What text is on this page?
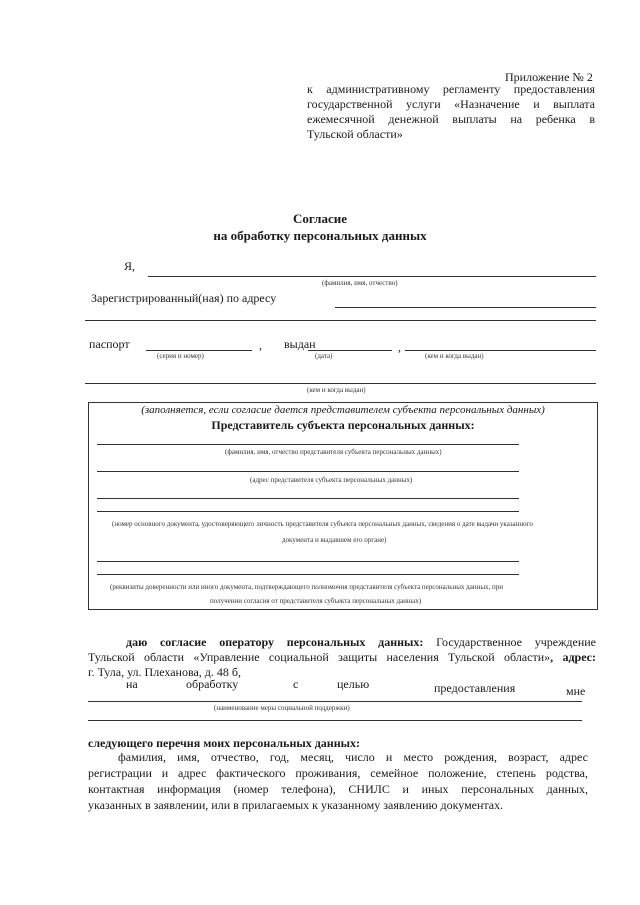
Приложение № 2
к административному регламенту предоставления
государственной услуги «Назначение и выплата
ежемесячной денежной выплаты на ребенка в
Тульской области»
Согласие
на обработку персональных данных
Я,
(фамилия, имя, отчество)
Зарегистрированный(ная) по адресу
паспорт
(серия и номер)
, выдан
(дата)
,
(кем и когда выдан)
(кем и когда выдан)
(заполняется, если согласие дается представителем субъекта персональных данных)
Представитель субъекта персональных данных:
(фамилия, имя, отчество представителя субъекта персональных данных)
(адрес представителя субъекта персональных данных)
(номер основного документа, удостоверяющего личность представителя субъекта персональных данных, сведения о дате выдачи указанного
документа и выдавшем его органе)
(реквизиты доверенности или иного документа, подтверждающего полномочия представителя субъекта персональных данных, при
получении согласия от представителя субъекта персональных данных)
даю согласие оператору персональных данных: Государственное учреждение
Тульской области «Управление социальной защиты населения Тульской области», адрес:
г. Тула, ул. Плеханова, д. 48 б,
на	обработку	с	целью	предоставления	мне
(наименование меры социальной поддержки)
следующего перечня моих персональных данных:
фамилия, имя, отчество, год, месяц, число и место рождения, возраст, адрес
регистрации и адрес фактического проживания, семейное положение, степень родства,
контактная информация (номер телефона), СНИЛС и иных персональных данных,
указанных в заявлении, или в прилагаемых к указанному заявлению документах.
